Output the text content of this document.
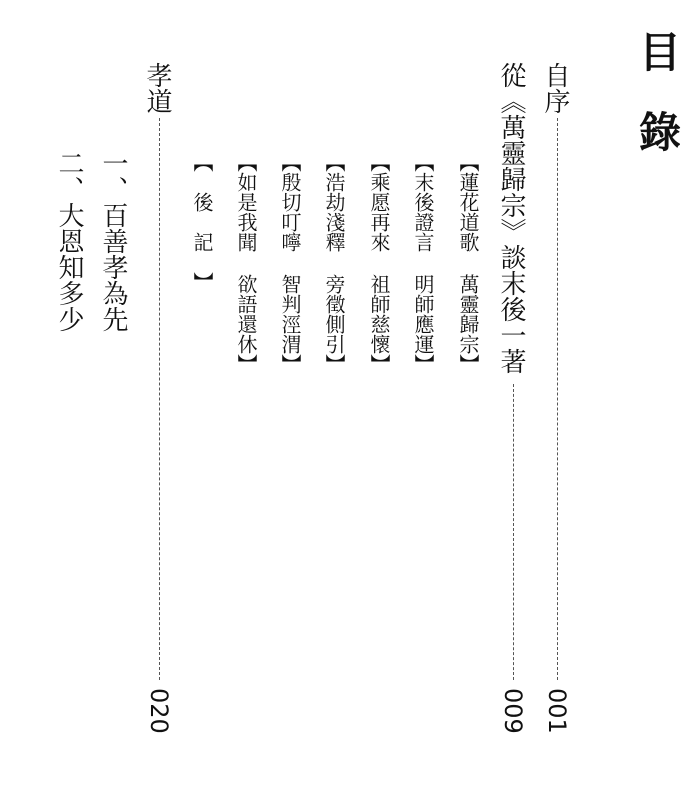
目錄
自序
001
從《萬靈歸宗》談末後一著
009
【蓮花道歌萬靈歸宗】
【末後證言明師應運】
【乘愿再來祖師慈懷】
【浩劫淺釋旁徵側引】
【殷切叮嚀智判涇渭】
【如是我聞欲語還休】
【後記】
孝道
020
一、百善孝為先
二、大恩知多少
